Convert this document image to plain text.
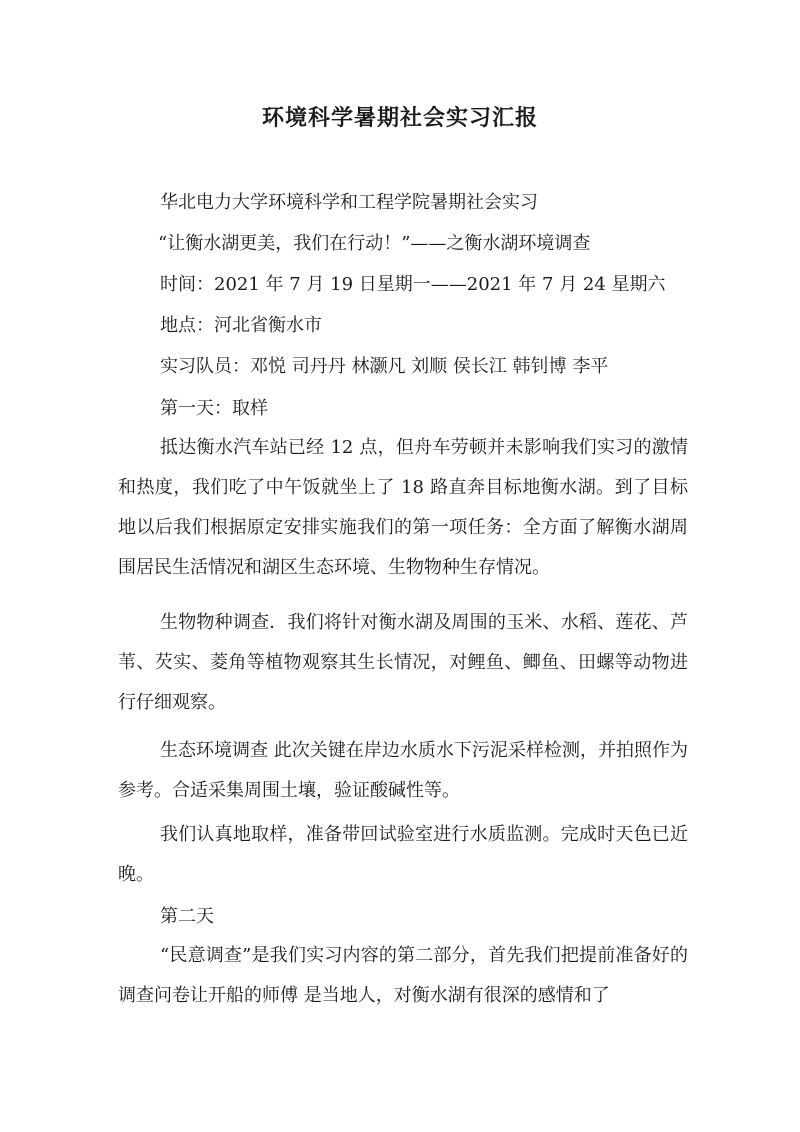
环境科学暑期社会实习汇报
华北电力大学环境科学和工程学院暑期社会实习
“让衡水湖更美，我们在行动！”——之衡水湖环境调查
时间：2021 年 7 月 19 日星期一——2021 年 7 月 24 星期六
地点：河北省衡水市
实习队员：邓悦 司丹丹 林灏凡 刘顺 侯长江 韩钊博 李平
第一天：取样
抵达衡水汽车站已经 12 点，但舟车劳顿并未影响我们实习的激情和热度，我们吃了中午饭就坐上了 18 路直奔目标地衡水湖。到了目标地以后我们根据原定安排实施我们的第一项任务：全方面了解衡水湖周围居民生活情况和湖区生态环境、生物物种生存情况。
生物物种调查．我们将针对衡水湖及周围的玉米、水稻、莲花、芦苇、芡实、菱角等植物观察其生长情况，对鲤鱼、鲫鱼、田螺等动物进行仔细观察。
生态环境调查 此次关键在岸边水质水下污泥采样检测，并拍照作为参考。合适采集周围土壤，验证酸碱性等。
我们认真地取样，准备带回试验室进行水质监测。完成时天色已近晚。
第二天
“民意调查”是我们实习内容的第二部分，首先我们把提前准备好的调查问卷让开船的师傅 是当地人，对衡水湖有很深的感情和了
